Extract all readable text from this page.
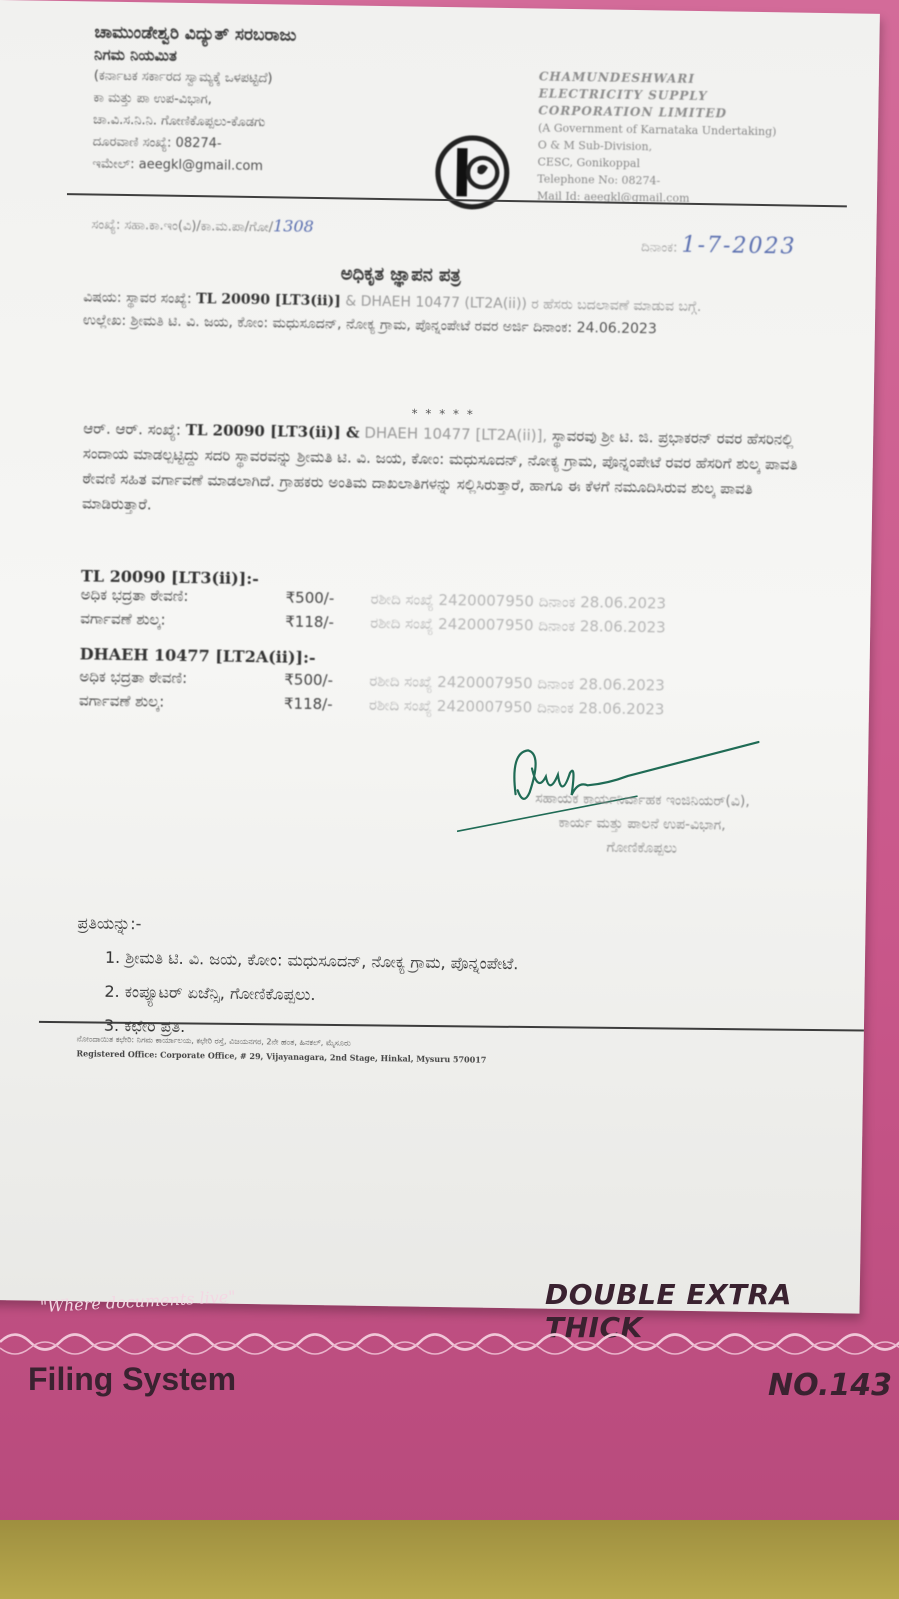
ಚಾಮುಂಡೇಶ್ವರಿ ವಿದ್ಯುತ್ ಸರಬರಾಜು
ನಿಗಮ ನಿಯಮಿತ
(ಕರ್ನಾಟಕ ಸರ್ಕಾರದ ಸ್ವಾಮ್ಯಕ್ಕೆ ಒಳಪಟ್ಟಿದೆ)
ಕಾ ಮತ್ತು ಪಾ ಉಪ-ವಿಭಾಗ,
ಚಾ.ವಿ.ಸ.ನಿ.ನಿ. ಗೋಣಿಕೊಪ್ಪಲು-ಕೊಡಗು
ದೂರವಾಣಿ ಸಂಖ್ಯೆ: 08274-
ಇಮೇಲ್: aeegkl@gmail.com
CHAMUNDESHWARI
ELECTRICITY SUPPLY
CORPORATION LIMITED
(A Government of Karnataka Undertaking)
O & M Sub-Division,
CESC, Gonikoppal
Telephone No: 08274-
Mail Id: aeegkl@gmail.com
ಸಂಖ್ಯೆ: ಸಹಾ.ಕಾ.ಇಂ(ವಿ)/ಕಾ.ಮ.ಪಾ/ಗೋ/1308
ದಿನಾಂಕ: 1-7-2023
ಅಧಿಕೃತ ಜ್ಞಾಪನ ಪತ್ರ
ವಿಷಯ: ಸ್ಥಾವರ ಸಂಖ್ಯೆ: TL 20090 [LT3(ii)] & DHAEH 10477 (LT2A(ii)) ರ ಹೆಸರು ಬದಲಾವಣೆ ಮಾಡುವ ಬಗ್ಗೆ.
ಉಲ್ಲೇಖ: ಶ್ರೀಮತಿ ಟಿ. ವಿ. ಜಯ, ಕೋಂ: ಮಧುಸೂದನ್, ನೋಕ್ಯ ಗ್ರಾಮ, ಪೊನ್ನಂಪೇಟೆ ರವರ ಅರ್ಜಿ ದಿನಾಂಕ: 24.06.2023
* * * * *
ಆರ್. ಆರ್. ಸಂಖ್ಯೆ: TL 20090 [LT3(ii)] & DHAEH 10477 [LT2A(ii)], ಸ್ಥಾವರವು ಶ್ರೀ ಟಿ. ಜಿ. ಪ್ರಭಾಕರನ್ ರವರ ಹೆಸರಿನಲ್ಲಿ ಸಂದಾಯ ಮಾಡಲ್ಪಟ್ಟಿದ್ದು ಸದರಿ ಸ್ಥಾವರವನ್ನು ಶ್ರೀಮತಿ ಟಿ. ವಿ. ಜಯ, ಕೋಂ: ಮಧುಸೂದನ್, ನೋಕ್ಯ ಗ್ರಾಮ, ಪೊನ್ನಂಪೇಟೆ ರವರ ಹೆಸರಿಗೆ ಶುಲ್ಕ ಪಾವತಿ ಠೇವಣಿ ಸಹಿತ ವರ್ಗಾವಣೆ ಮಾಡಲಾಗಿದೆ. ಗ್ರಾಹಕರು ಅಂತಿಮ ದಾಖಲಾತಿಗಳನ್ನು ಸಲ್ಲಿಸಿರುತ್ತಾರೆ, ಹಾಗೂ ಈ ಕೆಳಗೆ ನಮೂದಿಸಿರುವ ಶುಲ್ಕ ಪಾವತಿ ಮಾಡಿರುತ್ತಾರೆ.
TL 20090 [LT3(ii)]:-
ಅಧಿಕ ಭದ್ರತಾ ಠೇವಣಿ:	₹500/- ರಶೀದಿ ಸಂಖ್ಯೆ 2420007950 ದಿನಾಂಕ 28.06.2023
ವರ್ಗಾವಣೆ ಶುಲ್ಕ:	₹118/- ರಶೀದಿ ಸಂಖ್ಯೆ 2420007950 ದಿನಾಂಕ 28.06.2023
DHAEH 10477 [LT2A(ii)]:-
ಅಧಿಕ ಭದ್ರತಾ ಠೇವಣಿ:	₹500/- ರಶೀದಿ ಸಂಖ್ಯೆ 2420007950 ದಿನಾಂಕ 28.06.2023
ವರ್ಗಾವಣೆ ಶುಲ್ಕ:	₹118/- ರಶೀದಿ ಸಂಖ್ಯೆ 2420007950 ದಿನಾಂಕ 28.06.2023
ಸಹಾಯಕ ಕಾರ್ಯನಿರ್ವಾಹಕ ಇಂಜಿನಿಯರ್(ವಿ),
ಕಾರ್ಯ ಮತ್ತು ಪಾಲನೆ ಉಪ-ವಿಭಾಗ,
ಗೋಣಿಕೊಪ್ಪಲು
ಪ್ರತಿಯನ್ನು:-
1. ಶ್ರೀಮತಿ ಟಿ. ವಿ. ಜಯ, ಕೋಂ: ಮಧುಸೂದನ್, ನೋಕ್ಯ ಗ್ರಾಮ, ಪೊನ್ನಂಪೇಟೆ.
2. ಕಂಪ್ಯೂಟರ್ ಏಜೆನ್ಸಿ, ಗೋಣಿಕೊಪ್ಪಲು.
3. ಕಛೇರಿ ಪ್ರತಿ.
ನೋಂದಾಯಿತ ಕಛೇರಿ: ನಿಗಮ ಕಾರ್ಯಾಲಯ, ಕಛೇರಿ ರಸ್ತೆ, ವಿಜಯನಗರ, 2ನೇ ಹಂತ, ಹಿನಕಲ್, ಮೈಸೂರು
Registered Office: Corporate Office, # 29, Vijayanagara, 2nd Stage, Hinkal, Mysuru 570017
"Where documents live"	DOUBLE EXTRA THICK
Filing System	NO.143
